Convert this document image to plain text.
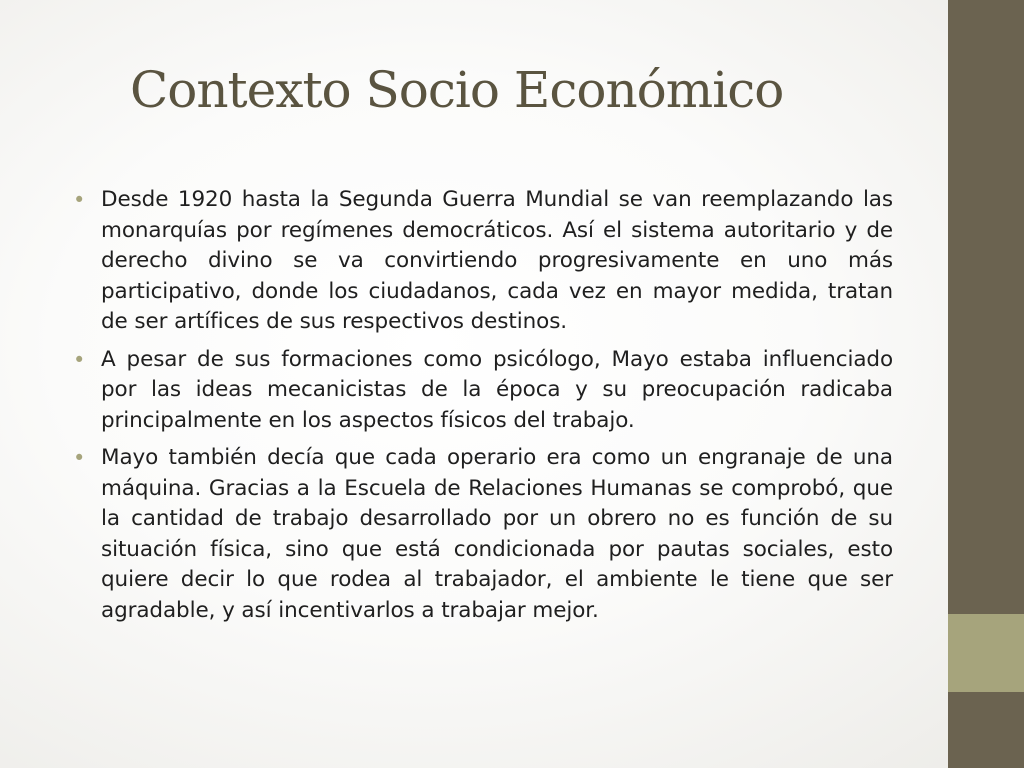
Contexto Socio Económico
• Desde 1920 hasta la Segunda Guerra Mundial se van reemplazando las monarquías por regímenes democráticos. Así el sistema autoritario y de derecho divino se va convirtiendo progresivamente en uno más participativo, donde los ciudadanos, cada vez en mayor medida, tratan de ser artífices de sus respectivos destinos.
• A pesar de sus formaciones como psicólogo, Mayo estaba influenciado por las ideas mecanicistas de la época y su preocupación radicaba principalmente en los aspectos físicos del trabajo.
• Mayo también decía que cada operario era como un engranaje de una máquina. Gracias a la Escuela de Relaciones Humanas se comprobó, que la cantidad de trabajo desarrollado por un obrero no es función de su situación física, sino que está condicionada por pautas sociales, esto quiere decir lo que rodea al trabajador, el ambiente le tiene que ser agradable, y así incentivarlos a trabajar mejor.
